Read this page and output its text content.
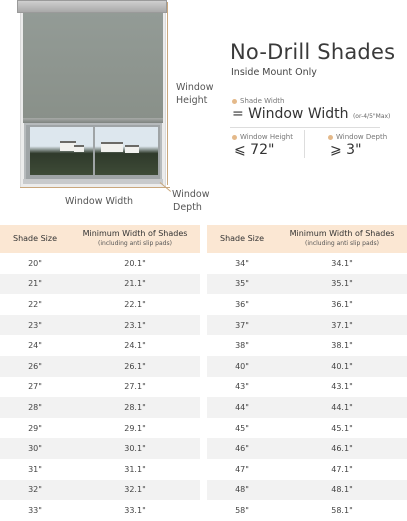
Window
Height
Window Width
Window
Depth
No-Drill Shades
Inside Mount Only
Shade Width
= Window Width (or-4/5"Max)
Window Height
⩽ 72"
Window Depth
⩾ 3"
Shade Size	Minimum Width of Shades
(including anti slip pads)

20"	20.1"
21"	21.1"
22"	22.1"
23"	23.1"
24"	24.1"
26"	26.1"
27"	27.1"
28"	28.1"
29"	29.1"
30"	30.1"
31"	31.1"
32"	32.1"
33"	33.1"
Shade Size	Minimum Width of Shades
(including anti slip pads)

34"	34.1"
35"	35.1"
36"	36.1"
37"	37.1"
38"	38.1"
40"	40.1"
43"	43.1"
44"	44.1"
45"	45.1"
46"	46.1"
47"	47.1"
48"	48.1"
58"	58.1"
